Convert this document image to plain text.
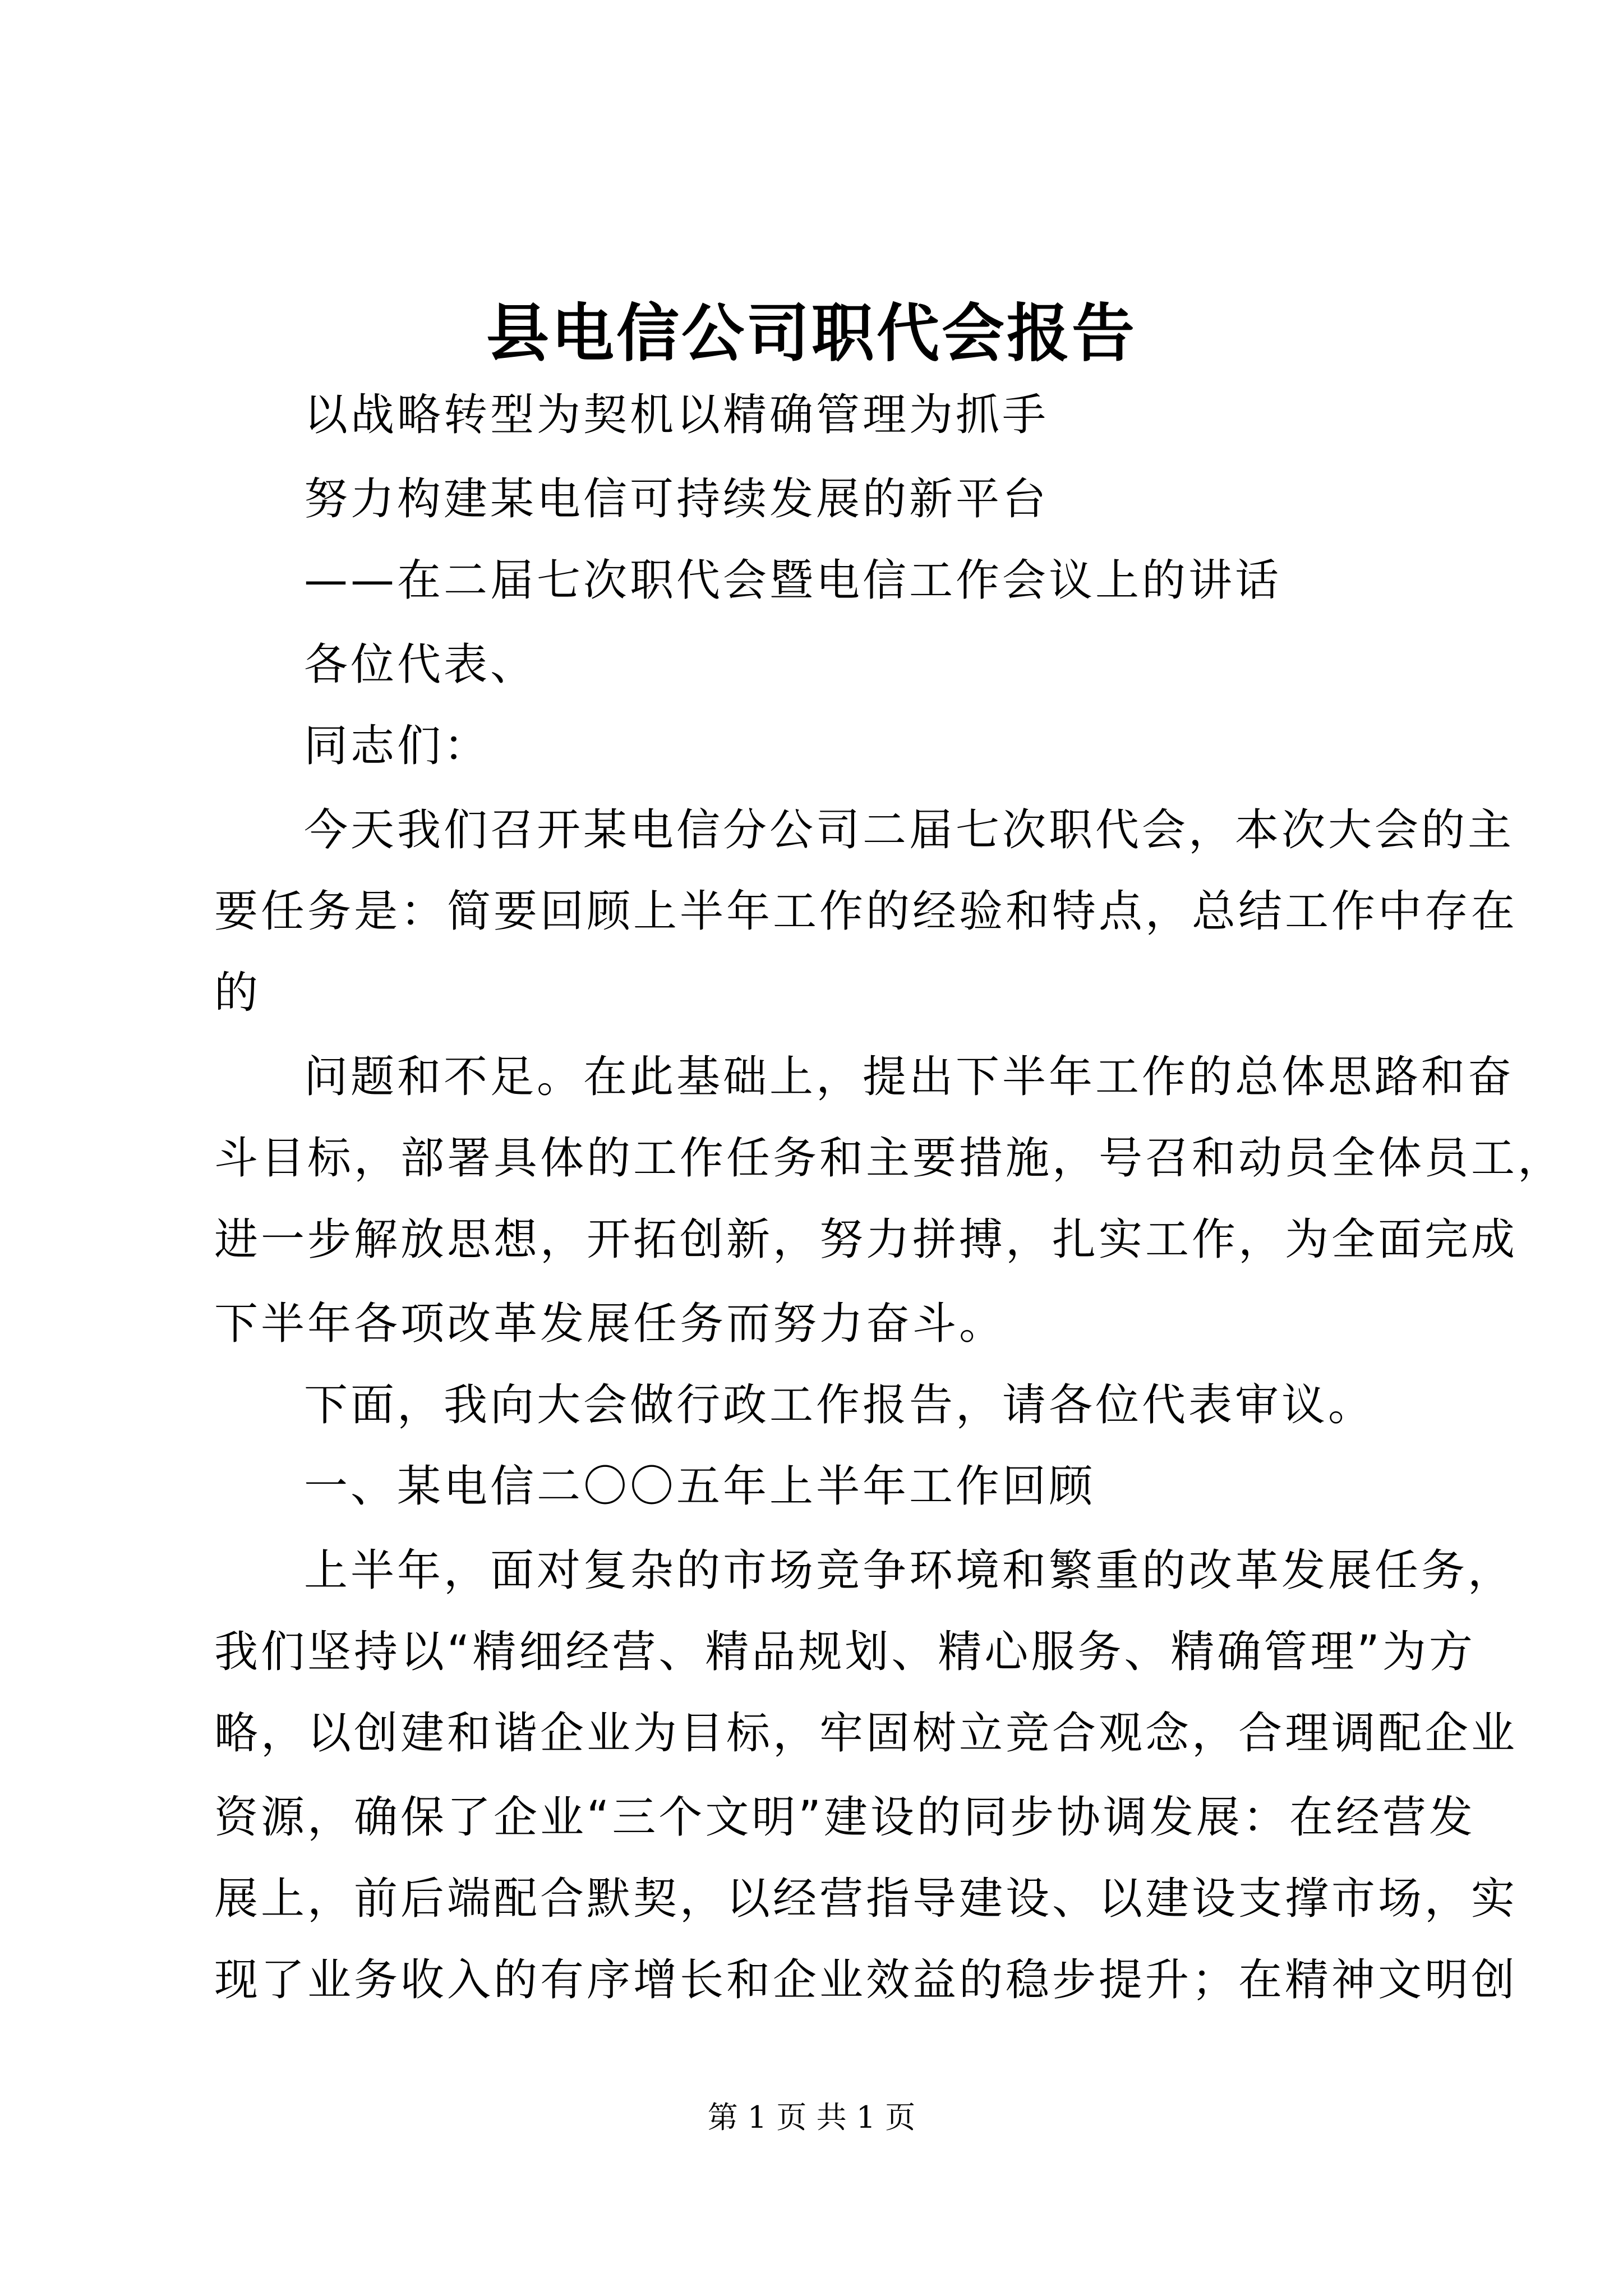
县电信公司职代会报告

以战略转型为契机以精确管理为抓手

努力构建某电信可持续发展的新平台

——在二届七次职代会暨电信工作会议上的讲话

各位代表、

同志们：

今天我们召开某电信分公司二届七次职代会，本次大会的主

要任务是：简要回顾上半年工作的经验和特点，总结工作中存在

的

问题和不足。在此基础上，提出下半年工作的总体思路和奋

斗目标，部署具体的工作任务和主要措施，号召和动员全体员工，

进一步解放思想，开拓创新，努力拼搏，扎实工作，为全面完成

下半年各项改革发展任务而努力奋斗。

下面，我向大会做行政工作报告，请各位代表审议。

一、某电信二〇〇五年上半年工作回顾

上半年，面对复杂的市场竞争环境和繁重的改革发展任务，

我们坚持以“精细经营、精品规划、精心服务、精确管理”为方

略，以创建和谐企业为目标，牢固树立竞合观念，合理调配企业

资源，确保了企业“三个文明”建设的同步协调发展：在经营发

展上，前后端配合默契，以经营指导建设、以建设支撑市场，实

现了业务收入的有序增长和企业效益的稳步提升；在精神文明创

第 1 页 共 1 页
